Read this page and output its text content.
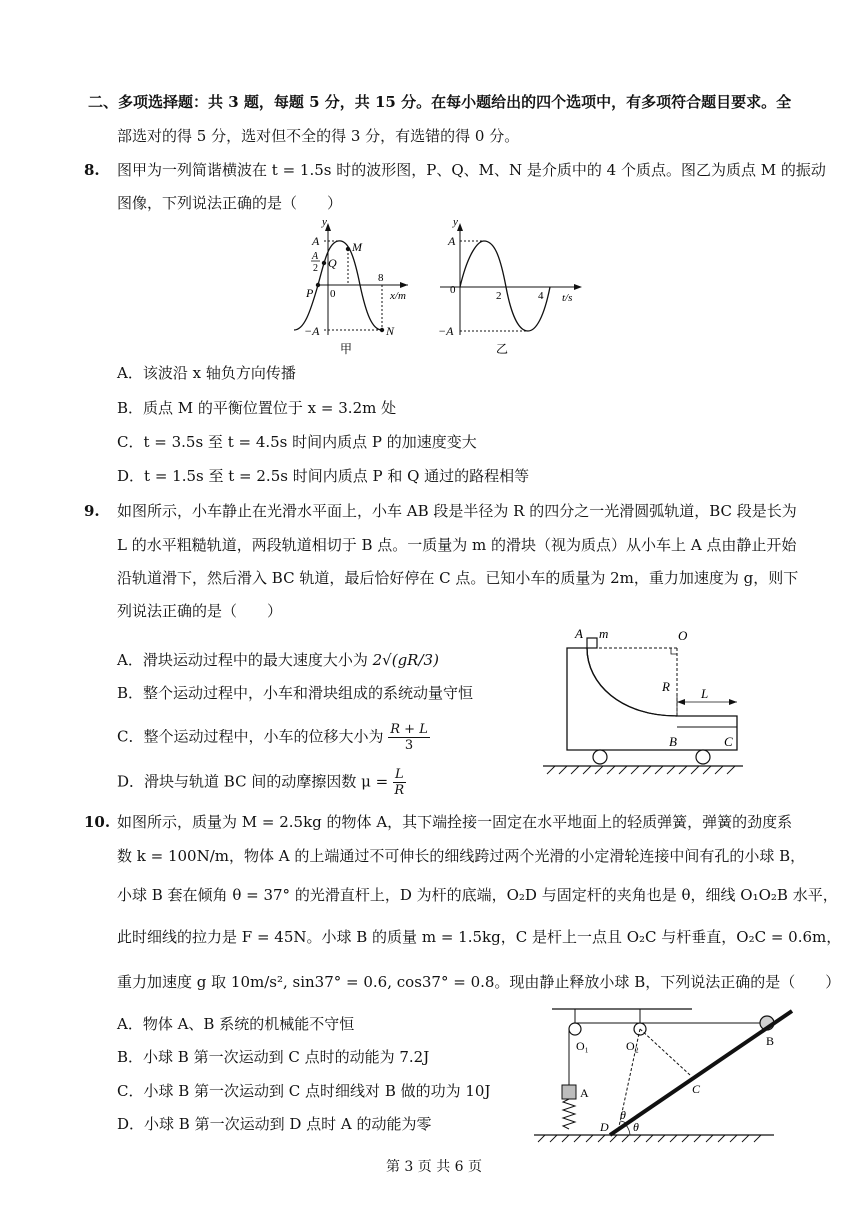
二、多项选择题：共 3 题，每题 5 分，共 15 分。在每小题给出的四个选项中，有多项符合题目要求。全
部选对的得 5 分，选对但不全的得 3 分，有选错的得 0 分。
8. 图甲为一列简谐横波在 t = 1.5s 时的波形图，P、Q、M、N 是介质中的 4 个质点。图乙为质点 M 的振动
图像，下列说法正确的是（　　）
y
A
A
2
−A
P 0
Q
M
8
x/m
N
甲
y
A
0	2	4 t/s
−A
乙
A．该波沿 x 轴负方向传播
B．质点 M 的平衡位置位于 x = 3.2m 处
C．t = 3.5s 至 t = 4.5s 时间内质点 P 的加速度变大
D．t = 1.5s 至 t = 2.5s 时间内质点 P 和 Q 通过的路程相等
9. 如图所示，小车静止在光滑水平面上，小车 AB 段是半径为 R 的四分之一光滑圆弧轨道，BC 段是长为
L 的水平粗糙轨道，两段轨道相切于 B 点。一质量为 m 的滑块（视为质点）从小车上 A 点由静止开始
沿轨道滑下，然后滑入 BC 轨道，最后恰好停在 C 点。已知小车的质量为 2m，重力加速度为 g，则下
列说法正确的是（　　）
A．滑块运动过程中的最大速度大小为 2√(gR/3)
B．整个运动过程中，小车和滑块组成的系统动量守恒
C．整个运动过程中，小车的位移大小为 $\frac{R + L}{3}$
D．滑块与轨道 BC 间的动摩擦因数 $\mu = \frac{L}{R}$
A m	O
R L
B	C
10. 如图所示，质量为 M = 2.5kg 的物体 A，其下端拴接一固定在水平地面上的轻质弹簧，弹簧的劲度系
数 k = 100N/m，物体 A 的上端通过不可伸长的细线跨过两个光滑的小定滑轮连接中间有孔的小球 B，
小球 B 套在倾角 θ = 37° 的光滑直杆上，D 为杆的底端，O₂D 与固定杆的夹角也是 θ，细线 O₁O₂B 水平，
此时细线的拉力是 F = 45N。小球 B 的质量 m = 1.5kg，C 是杆上一点且 O₂C 与杆垂直，O₂C = 0.6m，
重力加速度 g 取 10m/s², sin37° = 0.6, cos37° = 0.8。现由静止释放小球 B，下列说法正确的是（　　）
A．物体 A、B 系统的机械能不守恒
B．小球 B 第一次运动到 C 点时的动能为 7.2J
C．小球 B 第一次运动到 C 点时细线对 B 做的功为 10J
D．小球 B 第一次运动到 D 点时 A 的动能为零
O₁	O₂	B
A	C
D
θ
θ
第 3 页 共 6 页
